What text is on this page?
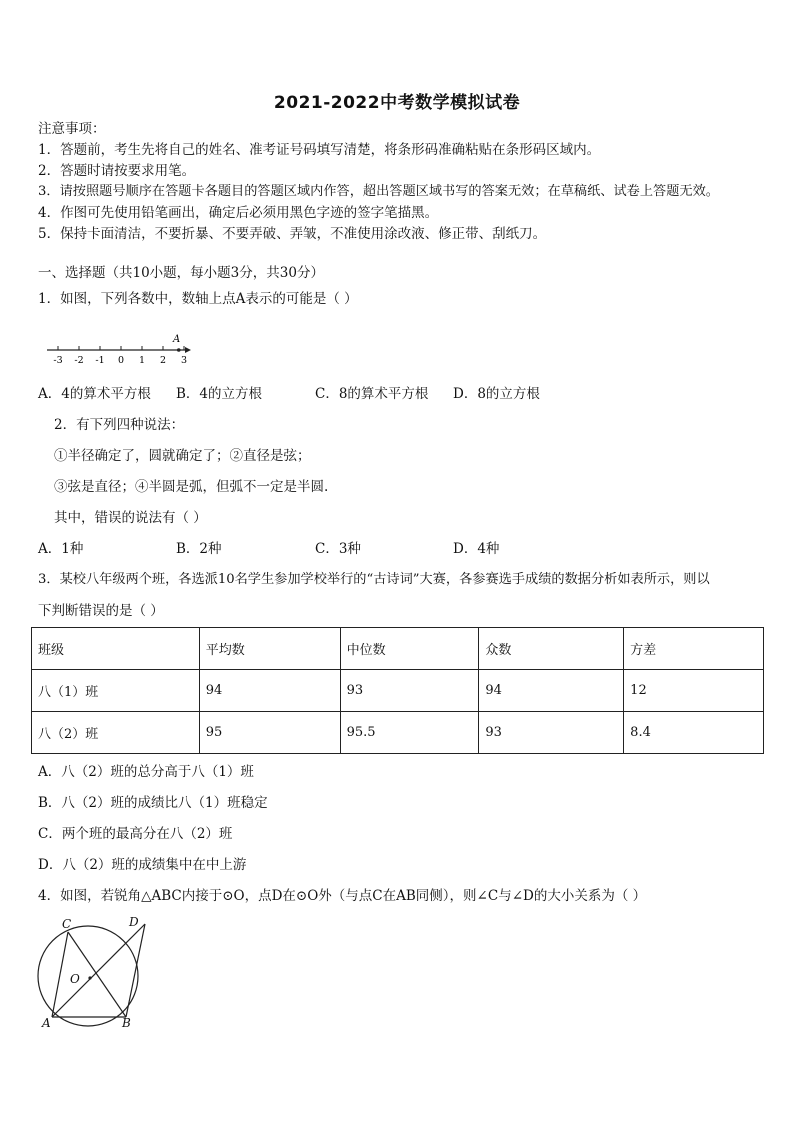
2021-2022中考数学模拟试卷
注意事项：
1．答题前，考生先将自己的姓名、准考证号码填写清楚，将条形码准确粘贴在条形码区域内。
2．答题时请按要求用笔。
3．请按照题号顺序在答题卡各题目的答题区域内作答，超出答题区域书写的答案无效；在草稿纸、试卷上答题无效。
4．作图可先使用铅笔画出，确定后必须用黑色字迹的签字笔描黑。
5．保持卡面清洁，不要折暴、不要弄破、弄皱，不准使用涂改液、修正带、刮纸刀。
一、选择题（共10小题，每小题3分，共30分）
1．如图，下列各数中，数轴上点A表示的可能是（ ）
-3 -2 -1 0 1 2 3
A
A．4的算术平方根 B．4的立方根	C．8的算术平方根 D．8的立方根
2．有下列四种说法：
①半径确定了，圆就确定了；②直径是弦；
③弦是直径；④半圆是弧，但弧不一定是半圆.
其中，错误的说法有（ ）
A．1种	B．2种	C．3种	D．4种
3．某校八年级两个班，各选派10名学生参加学校举行的“古诗词”大赛，各参赛选手成绩的数据分析如表所示，则以
下判断错误的是（ ）
班级	平均数	中位数	众数	方差
八（1）班	94	93	94	12
八（2）班	95	95.5	93	8.4
A．八（2）班的总分高于八（1）班
B．八（2）班的成绩比八（1）班稳定
C．两个班的最高分在八（2）班
D．八（2）班的成绩集中在中上游
4．如图，若锐角△ABC内接于⊙O，点D在⊙O外（与点C在AB同侧），则∠C与∠D的大小关系为（ ）
C	D
O
A	B
